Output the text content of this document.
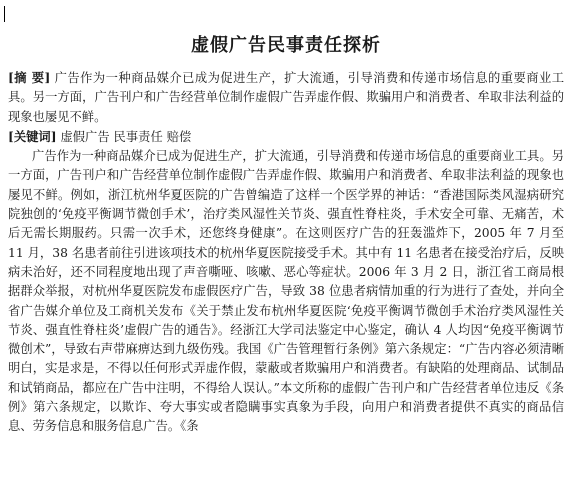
虚假广告民事责任探析

[摘 要] 广告作为一种商品媒介已成为促进生产，扩大流通，引导消费和传递市场信息的重要商业工具。另一方面，广告刊户和广告经营单位制作虚假广告弄虚作假、欺骗用户和消费者、牟取非法利益的现象也屡见不鲜。

[关键词] 虚假广告 民事责任 赔偿

广告作为一种商品媒介已成为促进生产，扩大流通，引导消费和传递市场信息的重要商业工具。另一方面，广告刊户和广告经营单位制作虚假广告弄虚作假、欺骗用户和消费者、牟取非法利益的现象也屡见不鲜。例如，浙江杭州华夏医院的广告曾编造了这样一个医学界的神话：“香港国际类风湿病研究院独创的‘免疫平衡调节微创手术’，治疗类风湿性关节炎、强直性脊柱炎，手术安全可靠、无痛苦，术后无需长期服药。只需一次手术，还您终身健康”。在这则医疗广告的狂轰滥炸下，2005 年 7 月至 11 月，38 名患者前往引进该项技术的杭州华夏医院接受手术。其中有 11 名患者在接受治疗后，反映病未治好，还不同程度地出现了声音嘶哑、咳嗽、恶心等症状。2006 年 3 月 2 日，浙江省工商局根据群众举报，对杭州华夏医院发布虚假医疗广告，导致 38 位患者病情加重的行为进行了查处，并向全省广告媒介单位及工商机关发布《关于禁止发布杭州华夏医院‘免疫平衡调节微创手术治疗类风湿性关节炎、强直性脊柱炎’虚假广告的通告》。经浙江大学司法鉴定中心鉴定，确认 4 人均因“免疫平衡调节微创术”，导致右声带麻痹达到九级伤残。我国《广告管理暂行条例》第六条规定：“广告内容必须清晰明白，实是求是，不得以任何形式弄虚作假，蒙蔽或者欺骗用户和消费者。有缺陷的处理商品、试制品和试销商品，都应在广告中注明，不得给人误认。”本文所称的虚假广告刊户和广告经营者单位违反《条例》第六条规定，以欺诈、夸大事实或者隐瞒事实真象为手段，向用户和消费者提供不真实的商品信息、劳务信息和服务信息广告。《条
